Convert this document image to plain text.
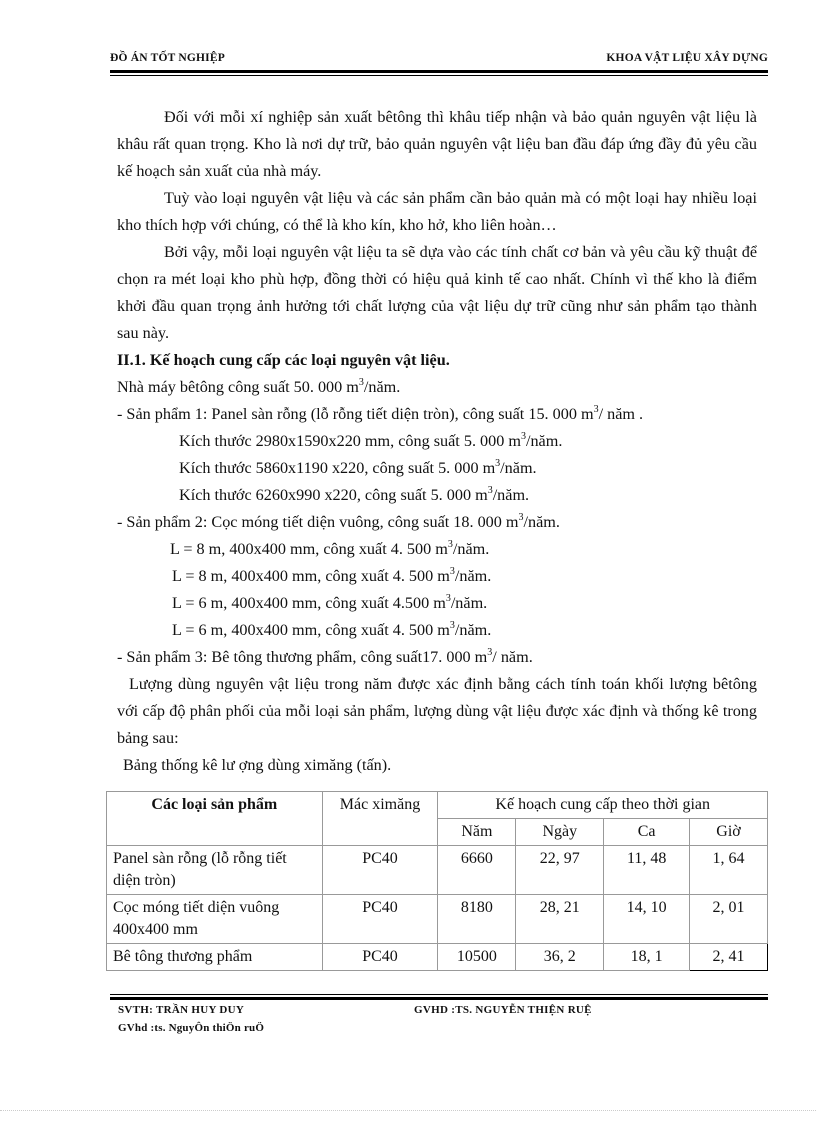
ĐỒ ÁN TỐT NGHIỆP	KHOA VẬT LIỆU XÂY DỰNG

Đối với mỗi xí nghiệp sản xuất bêtông thì khâu tiếp nhận và bảo quản nguyên vật liệu là khâu rất quan trọng. Kho là nơi dự trữ, bảo quản nguyên vật liệu ban đầu đáp ứng đầy đủ yêu cầu kế hoạch sản xuất của nhà máy.

Tuỳ vào loại nguyên vật liệu và các sản phẩm cần bảo quản mà có một loại hay nhiều loại kho thích hợp với chúng, có thể là kho kín, kho hở, kho liên hoàn…

Bởi vậy, mỗi loại nguyên vật liệu ta sẽ dựa vào các tính chất cơ bản và yêu cầu kỹ thuật để chọn ra mét loại kho phù hợp, đồng thời có hiệu quả kinh tế cao nhất. Chính vì thế kho là điểm khởi đầu quan trọng ảnh hưởng tới chất lượng của vật liệu dự trữ cũng như sản phẩm tạo thành sau này.

II.1. Kế hoạch cung cấp các loại nguyên vật liệu.

Nhà máy bêtông công suất 50. 000 $m^3$/năm.

- Sản phẩm 1: Panel sàn rỗng (lỗ rỗng tiết diện tròn), công suất 15. 000 $m^3/$ năm .

Kích thước 2980x1590x220 mm, công suất 5. 000 $m^3$/năm.

Kích thước 5860x1190 x220, công suất 5. 000 $m^3$/năm.

Kích thước 6260x990 x220, công suất 5. 000 $m^3$/năm.

- Sản phẩm 2: Cọc móng tiết diện vuông, công suất 18. 000 $m^3$/năm.

L = 8 m, 400x400 mm, công xuất 4. 500 $m^3$/năm.

L = 8 m, 400x400 mm, công xuất 4. 500 $m^3$/năm.

L = 6 m, 400x400 mm, công xuất 4.500 $m^3$/năm.

L = 6 m, 400x400 mm, công xuất 4. 500 $m^3$/năm.

- Sản phẩm 3: Bê tông thương phẩm, công suất17. 000 $m^3/$ năm.

Lượng dùng nguyên vật liệu trong năm được xác định bằng cách tính toán khối lượng bêtông với cấp độ phân phối của mỗi loại sản phẩm, lượng dùng vật liệu được xác định và thống kê trong bảng sau:

Bảng thống kê lư ợng dùng ximăng (tấn).

Các loại sản phẩm	Mác ximăng	Kế hoạch cung cấp theo thời gian			
		Năm	Ngày	Ca	Giờ
Panel sàn rỗng (lỗ rỗng tiết diện tròn)	PC40	6660	22, 97	11, 48	1, 64
Cọc móng tiết diện vuông 400x400 mm	PC40	8180	28, 21	14, 10	2, 01
Bê tông thương phẩm	PC40	10500	36, 2	18, 1	2, 41
SVTH: TRẦN HUY DUY	GVHD :TS. NGUYỄN THIỆN RUỆ
GVhd :ts. NguyÔn thiÖn ruÖ
